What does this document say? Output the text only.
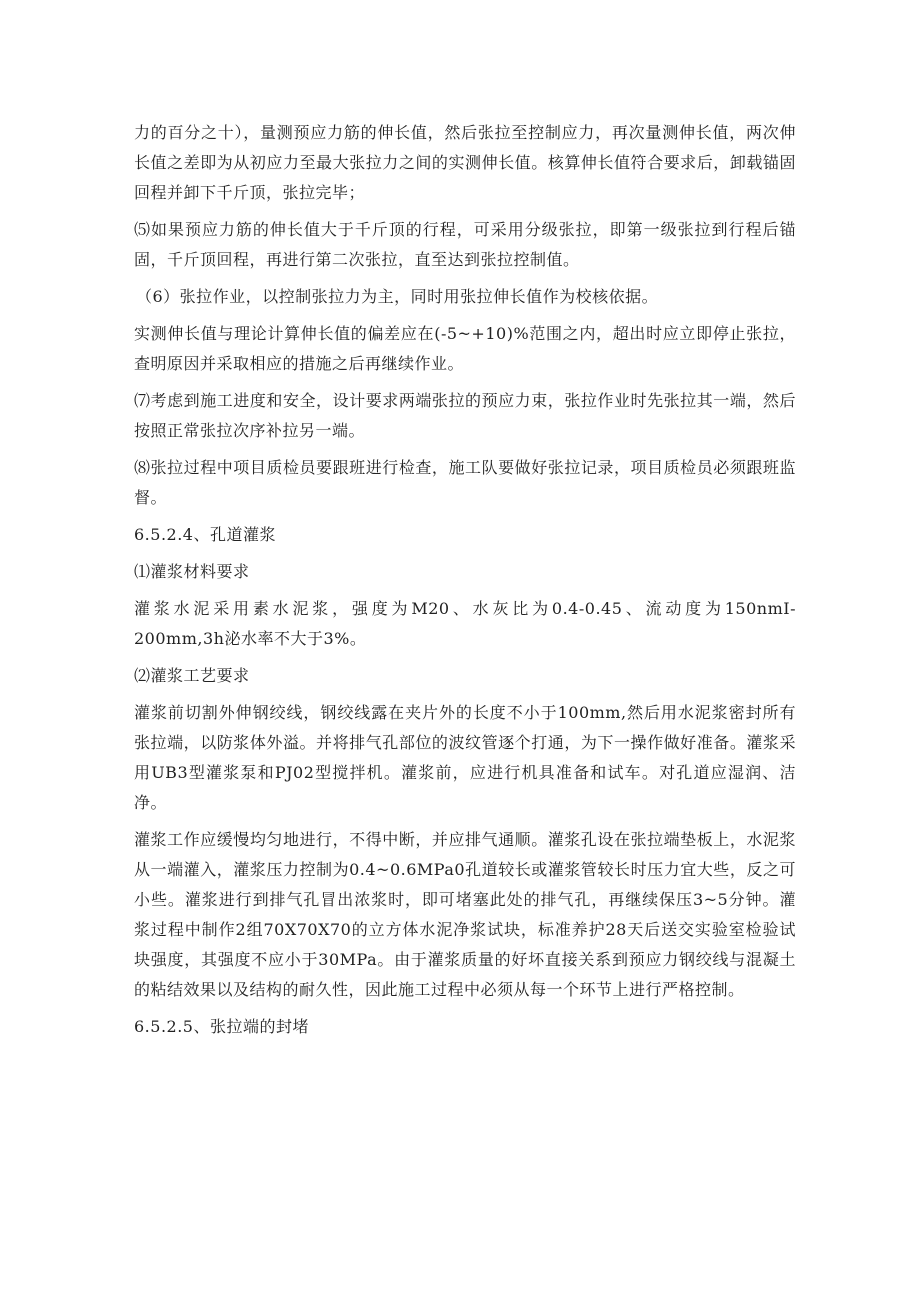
力的百分之十），量测预应力筋的伸长值，然后张拉至控制应力，再次量测伸长值，两次伸长值之差即为从初应力至最大张拉力之间的实测伸长值。核算伸长值符合要求后，卸载锚固回程并卸下千斤顶，张拉完毕；

⑸如果预应力筋的伸长值大于千斤顶的行程，可采用分级张拉，即第一级张拉到行程后锚固，千斤顶回程，再进行第二次张拉，直至达到张拉控制值。

（6）张拉作业，以控制张拉力为主，同时用张拉伸长值作为校核依据。

实测伸长值与理论计算伸长值的偏差应在(-5~+10)%范围之内，超出时应立即停止张拉，查明原因并采取相应的措施之后再继续作业。

⑺考虑到施工进度和安全，设计要求两端张拉的预应力束，张拉作业时先张拉其一端，然后按照正常张拉次序补拉另一端。

⑻张拉过程中项目质检员要跟班进行检查，施工队要做好张拉记录，项目质检员必须跟班监督。

6.5.2.4、孔道灌浆

⑴灌浆材料要求

灌浆水泥采用素水泥浆，强度为M20、水灰比为0.4-0.45、流动度为150nmI-200mm,3h泌水率不大于3%。

⑵灌浆工艺要求

灌浆前切割外伸钢绞线，钢绞线露在夹片外的长度不小于100mm,然后用水泥浆密封所有张拉端，以防浆体外溢。并将排气孔部位的波纹管逐个打通，为下一操作做好准备。灌浆采用UB3型灌浆泵和PJ02型搅拌机。灌浆前，应进行机具准备和试车。对孔道应湿润、洁净。

灌浆工作应缓慢均匀地进行，不得中断，并应排气通顺。灌浆孔设在张拉端垫板上，水泥浆从一端灌入，灌浆压力控制为0.4~0.6MPa0孔道较长或灌浆管较长时压力宜大些，反之可小些。灌浆进行到排气孔冒出浓浆时，即可堵塞此处的排气孔，再继续保压3~5分钟。灌浆过程中制作2组70X70X70的立方体水泥净浆试块，标准养护28天后送交实验室检验试块强度，其强度不应小于30MPa。由于灌浆质量的好坏直接关系到预应力钢绞线与混凝土的粘结效果以及结构的耐久性，因此施工过程中必须从每一个环节上进行严格控制。

6.5.2.5、张拉端的封堵
